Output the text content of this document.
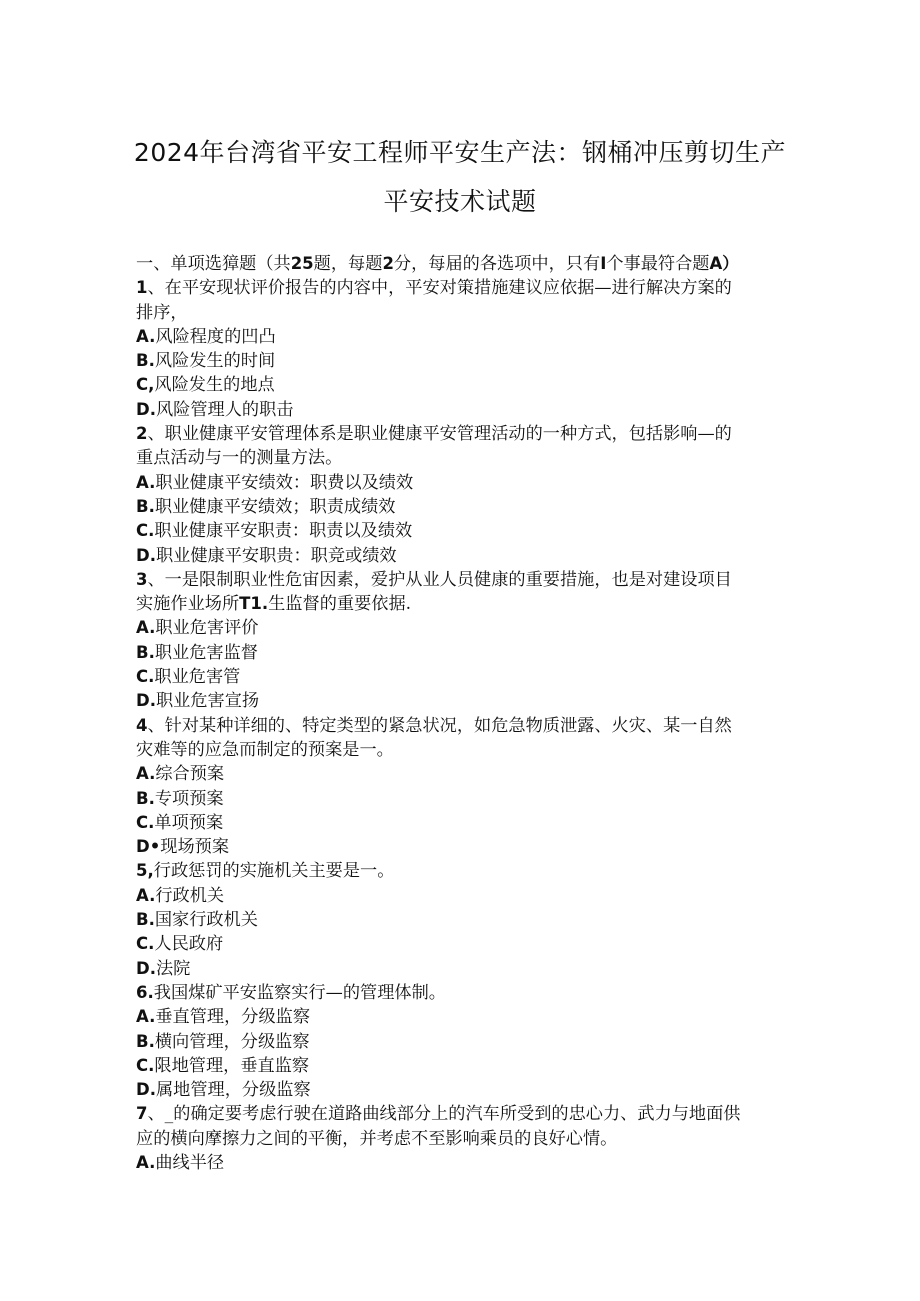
2024年台湾省平安工程师平安生产法：钢桶冲压剪切生产
平安技术试题
一、单项选獐题（共25题，每题2分，每届的各选项中，只有I个事最符合题A）
1、在平安现状评价报告的内容中，平安对策措施建议应依据—进行解决方案的
排序，
A.风险程度的凹凸
B.风险发生的时间
C,风险发生的地点
D.风险管理人的职击
2、职业健康平安管理体系是职业健康平安管理活动的一种方式，包括影响—的
重点活动与一的测量方法。
A.职业健康平安绩效：职费以及绩效
B.职业健康平安绩效；职责成绩效
C.职业健康平安职责：职责以及绩效
D.职业健康平安职贵：职竞或绩效
3、一是限制职业性危宙因素，爱护从业人员健康的重要措施，也是对建设项目
实施作业场所T1.生监督的重要依据.
A.职业危害评价
B.职业危害监督
C.职业危害管
D.职业危害宣扬
4、针对某种详细的、特定类型的紧急状况，如危急物质泄露、火灾、某一自然
灾难等的应急而制定的预案是一。
A.综合预案
B.专项预案
C.单项预案
D•现场预案
5,行政惩罚的实施机关主要是一。
A.行政机关
B.国家行政机关
C.人民政府
D.法院
6.我国煤矿平安监察实行—的管理体制。
A.垂直管理，分级监察
B.横向管理，分级监察
C.限地管理，垂直监察
D.属地管理，分级监察
7、_的确定要考虑行驶在道路曲线部分上的汽车所受到的忠心力、武力与地面供
应的横向摩擦力之间的平衡，并考虑不至影响乘员的良好心情。
A.曲线半径
